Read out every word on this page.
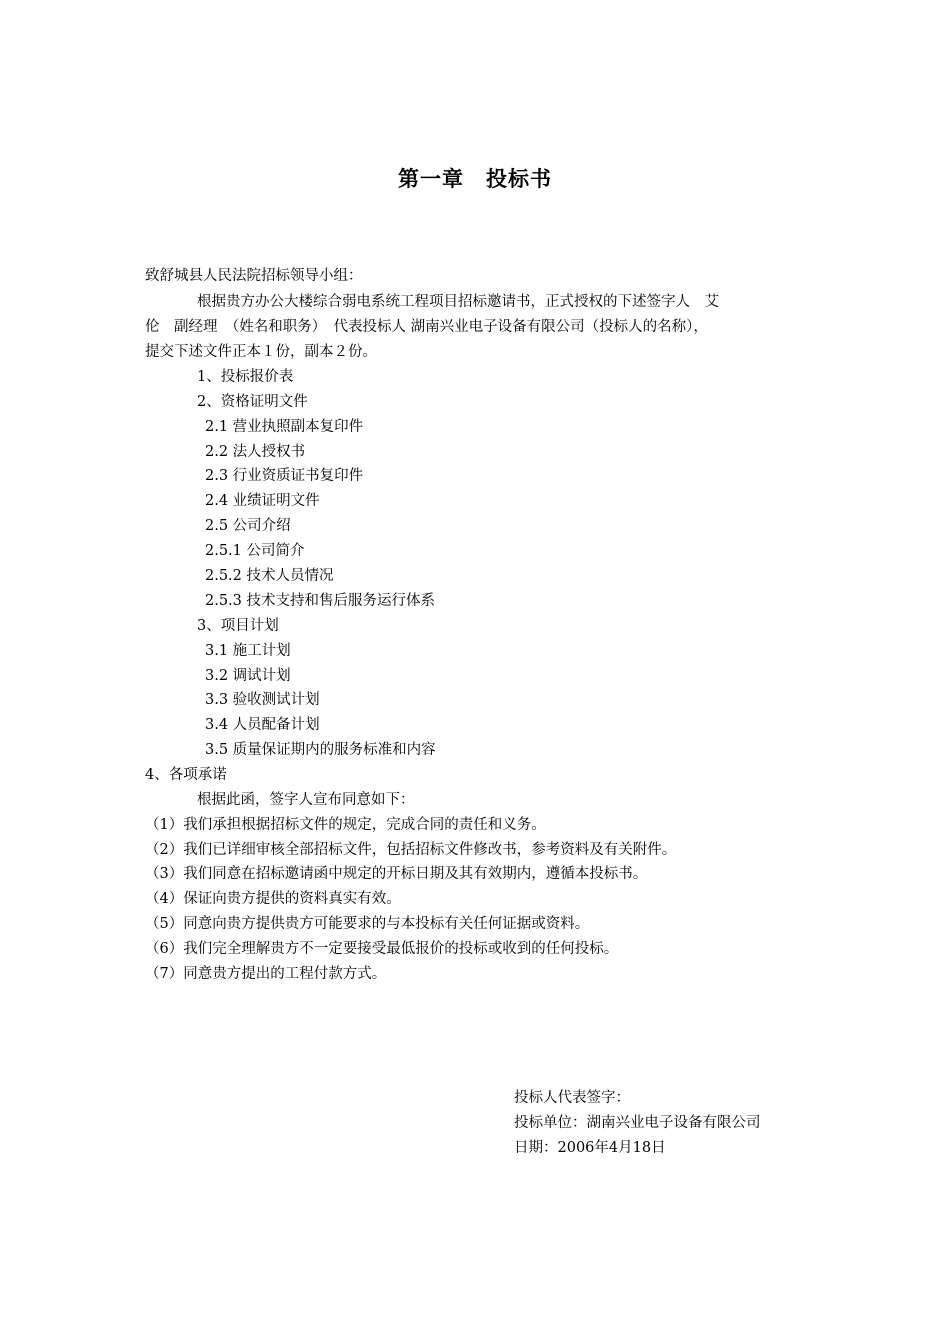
第一章　投标书
致舒城县人民法院招标领导小组：
根据贵方办公大楼综合弱电系统工程项目招标邀请书，正式授权的下述签字人　艾
伦　副经理　（姓名和职务）　代表投标人 湖南兴业电子设备有限公司（投标人的名称），
提交下述文件正本１份，副本２份。
1、投标报价表
2、资格证明文件
2.1 营业执照副本复印件
2.2 法人授权书
2.3 行业资质证书复印件
2.4 业绩证明文件
2.5 公司介绍
2.5.1 公司简介
2.5.2 技术人员情况
2.5.3 技术支持和售后服务运行体系
3、项目计划
3.1 施工计划
3.2 调试计划
3.3 验收测试计划
3.4 人员配备计划
3.5 质量保证期内的服务标准和内容
4、各项承诺
根据此函，签字人宣布同意如下：
（1）我们承担根据招标文件的规定，完成合同的责任和义务。
（2）我们已详细审核全部招标文件，包括招标文件修改书，参考资料及有关附件。
（3）我们同意在招标邀请函中规定的开标日期及其有效期内，遵循本投标书。
（4）保证向贵方提供的资料真实有效。
（5）同意向贵方提供贵方可能要求的与本投标有关任何证据或资料。
（6）我们完全理解贵方不一定要接受最低报价的投标或收到的任何投标。
（7）同意贵方提出的工程付款方式。
投标人代表签字：
投标单位：湖南兴业电子设备有限公司
日期：2006年4月18日
